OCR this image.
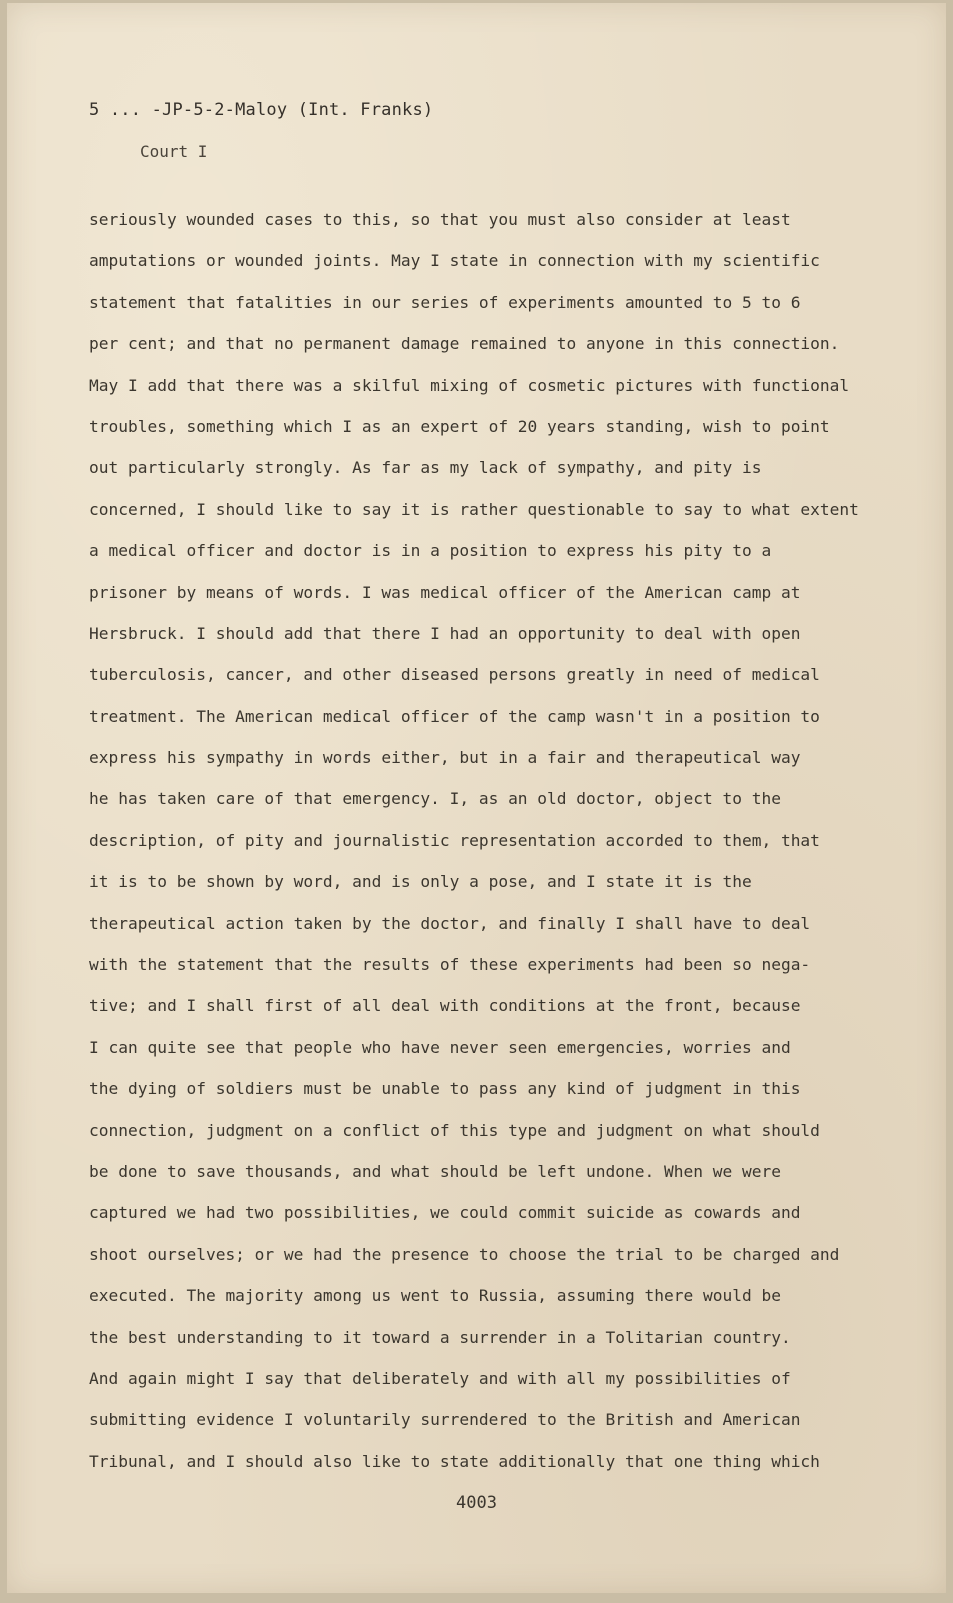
5 ... -JP-5-2-Maloy (Int. Franks)
Court I
seriously wounded cases to this, so that you must also consider at least
amputations or wounded joints. May I state in connection with my scientific
statement that fatalities in our series of experiments amounted to 5 to 6
per cent; and that no permanent damage remained to anyone in this connection.
May I add that there was a skilful mixing of cosmetic pictures with functional
troubles, something which I as an expert of 20 years standing, wish to point
out particularly strongly. As far as my lack of sympathy, and pity is
concerned, I should like to say it is rather questionable to say to what extent
a medical officer and doctor is in a position to express his pity to a
prisoner by means of words. I was medical officer of the American camp at
Hersbruck. I should add that there I had an opportunity to deal with open
tuberculosis, cancer, and other diseased persons greatly in need of medical
treatment. The American medical officer of the camp wasn't in a position to
express his sympathy in words either, but in a fair and therapeutical way
he has taken care of that emergency. I, as an old doctor, object to the
description, of pity and journalistic representation accorded to them, that
it is to be shown by word, and is only a pose, and I state it is the
therapeutical action taken by the doctor, and finally I shall have to deal
with the statement that the results of these experiments had been so nega-
tive; and I shall first of all deal with conditions at the front, because
I can quite see that people who have never seen emergencies, worries and
the dying of soldiers must be unable to pass any kind of judgment in this
connection, judgment on a conflict of this type and judgment on what should
be done to save thousands, and what should be left undone. When we were
captured we had two possibilities, we could commit suicide as cowards and
shoot ourselves; or we had the presence to choose the trial to be charged and
executed. The majority among us went to Russia, assuming there would be
the best understanding to it toward a surrender in a Tolitarian country.
And again might I say that deliberately and with all my possibilities of
submitting evidence I voluntarily surrendered to the British and American
Tribunal, and I should also like to state additionally that one thing which
4003
